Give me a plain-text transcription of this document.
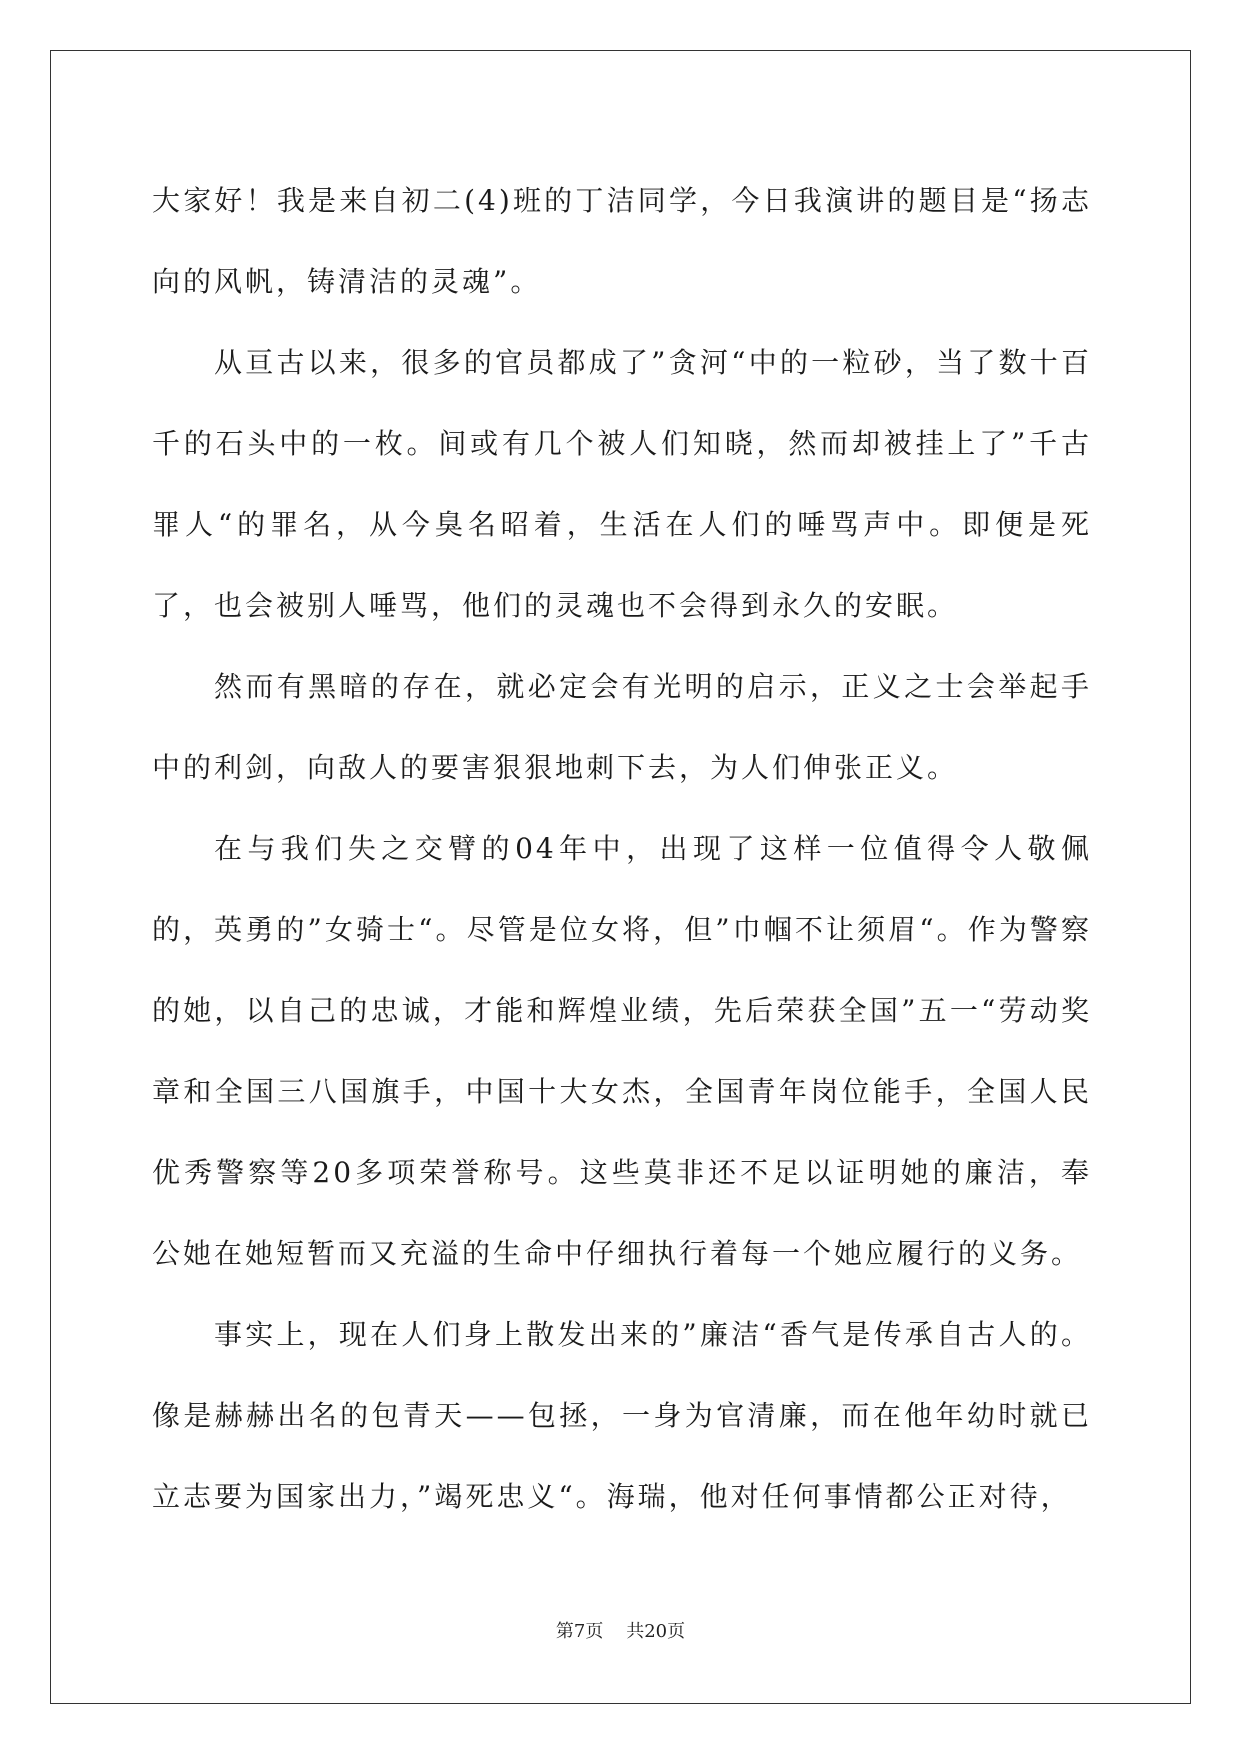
大家好！我是来自初二(4)班的丁洁同学，今日我演讲的题目是“扬志向的风帆，铸清洁的灵魂”。

从亘古以来，很多的官员都成了”贪河“中的一粒砂，当了数十百千的石头中的一枚。间或有几个被人们知晓，然而却被挂上了”千古罪人“的罪名，从今臭名昭着，生活在人们的唾骂声中。即便是死了，也会被别人唾骂，他们的灵魂也不会得到永久的安眠。

然而有黑暗的存在，就必定会有光明的启示，正义之士会举起手中的利剑，向敌人的要害狠狠地刺下去，为人们伸张正义。

在与我们失之交臂的04年中，出现了这样一位值得令人敬佩的，英勇的”女骑士“。尽管是位女将，但”巾帼不让须眉“。作为警察的她，以自己的忠诚，才能和辉煌业绩，先后荣获全国”五一“劳动奖章和全国三八国旗手，中国十大女杰，全国青年岗位能手，全国人民优秀警察等20多项荣誉称号。这些莫非还不足以证明她的廉洁，奉公她在她短暂而又充溢的生命中仔细执行着每一个她应履行的义务。

事实上，现在人们身上散发出来的”廉洁“香气是传承自古人的。像是赫赫出名的包青天——包拯，一身为官清廉，而在他年幼时就已立志要为国家出力，”竭死忠义“。海瑞，他对任何事情都公正对待，

第7页 共20页
